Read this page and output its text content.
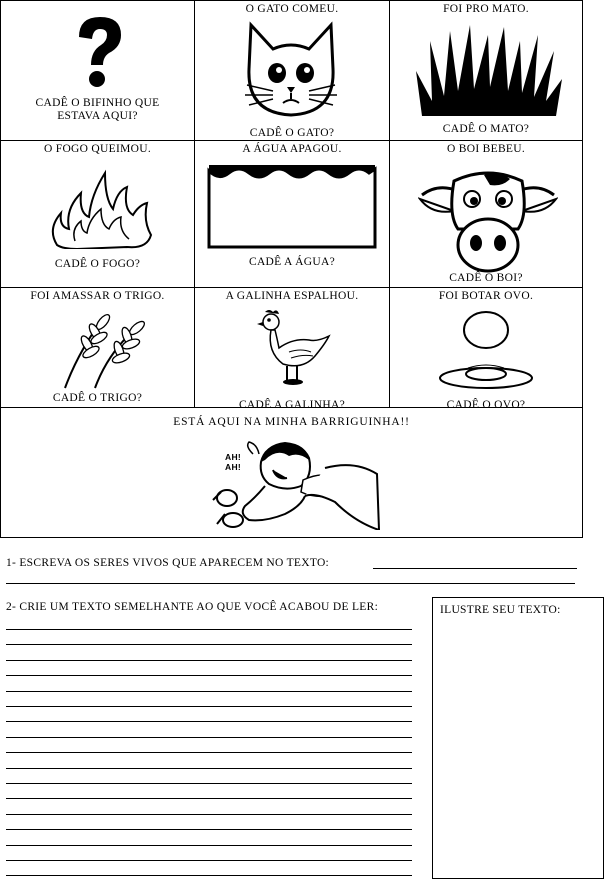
CADÊ O BIFINHO QUE
ESTAVA AQUI?
O GATO COMEU.
CADÊ O GATO?
FOI PRO MATO.
CADÊ O MATO?
O FOGO QUEIMOU.
CADÊ O FOGO?
A ÁGUA APAGOU.
CADÊ A ÁGUA?
O BOI BEBEU.
CADÊ O BOI?
FOI AMASSAR O TRIGO.
CADÊ O TRIGO?
A GALINHA ESPALHOU.
CADÊ A GALINHA?
FOI BOTAR OVO.
CADÊ O OVO?
ESTÁ AQUI NA MINHA BARRIGUINHA!!
AH!
AH!
1- ESCREVA OS SERES VIVOS QUE APARECEM NO TEXTO:
2- CRIE UM TEXTO SEMELHANTE AO QUE VOCÊ ACABOU DE LER:	ILUSTRE SEU TEXTO:
